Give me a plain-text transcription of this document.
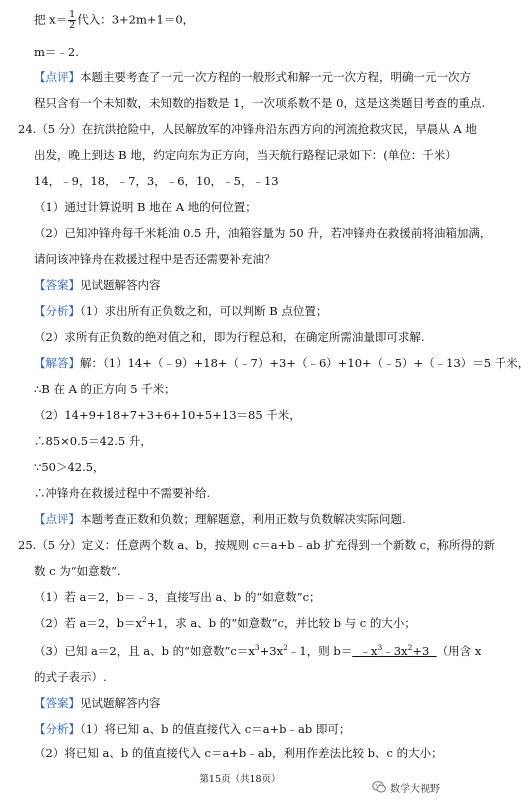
把 $x= \frac{1}{2}$ 代入：3+2m+1＝0，
m＝﹣2.
【点评】本题主要考查了一元一次方程的一般形式和解一元一次方程，明确一元一次方
程只含有一个未知数，未知数的指数是 1，一次项系数不是 0，这是这类题目考查的重点.
24.（5 分）在抗洪抢险中，人民解放军的冲锋舟沿东西方向的河流抢救灾民，早晨从 A 地
出发，晚上到达 B 地，约定向东为正方向，当天航行路程记录如下：(单位：千米）
14，﹣9，18，﹣7，3，﹣6，10，﹣5，﹣13
（1）通过计算说明 B 地在 A 地的何位置；
（2）已知冲锋舟每千米耗油 0.5 升，油箱容量为 50 升，若冲锋舟在救援前将油箱加满，
请问该冲锋舟在救援过程中是否还需要补充油？
【答案】见试题解答内容
【分析】（1）求出所有正负数之和，可以判断 B 点位置；
（2）求所有正负数的绝对值之和，即为行程总和，在确定所需油量即可求解.
【解答】解：（1）14+（﹣9）+18+（﹣7）+3+（﹣6）+10+（﹣5）+（﹣13）＝5 千米，
∴B 在 A 的正方向 5 千米；
（2）14+9+18+7+3+6+10+5+13＝85 千米，
∴85×0.5＝42.5 升，
∵50＞42.5，
∴冲锋舟在救援过程中不需要补给.
【点评】本题考查正数和负数；理解题意，利用正数与负数解决实际问题.
25.（5 分）定义：任意两个数 a、b，按规则 c＝a+b﹣ab 扩充得到一个新数 c，称所得的新
数 c 为“如意数”.
（1）若 a＝2，b＝﹣3，直接写出 a、b 的“如意数”c；
（2）若 a＝2，$b=x^2+1$，求 a、b 的“如意数”c，并比较 b 与 c 的大小；
（3）已知 a＝2，且 a、b 的“如意数$”c=x^3+3x^2﹣1$，则 $b= ﹣x^3﹣3x^2+3$ （用含 x
的式子表示）.
【答案】见试题解答内容
【分析】（1）将已知 a、b 的值直接代入 c＝a+b﹣ab 即可；
（2）将已知 a、b 的值直接代入 c＝a+b﹣ab，利用作差法比较 b、c 的大小；
第15页（共18页）
数学大视野
